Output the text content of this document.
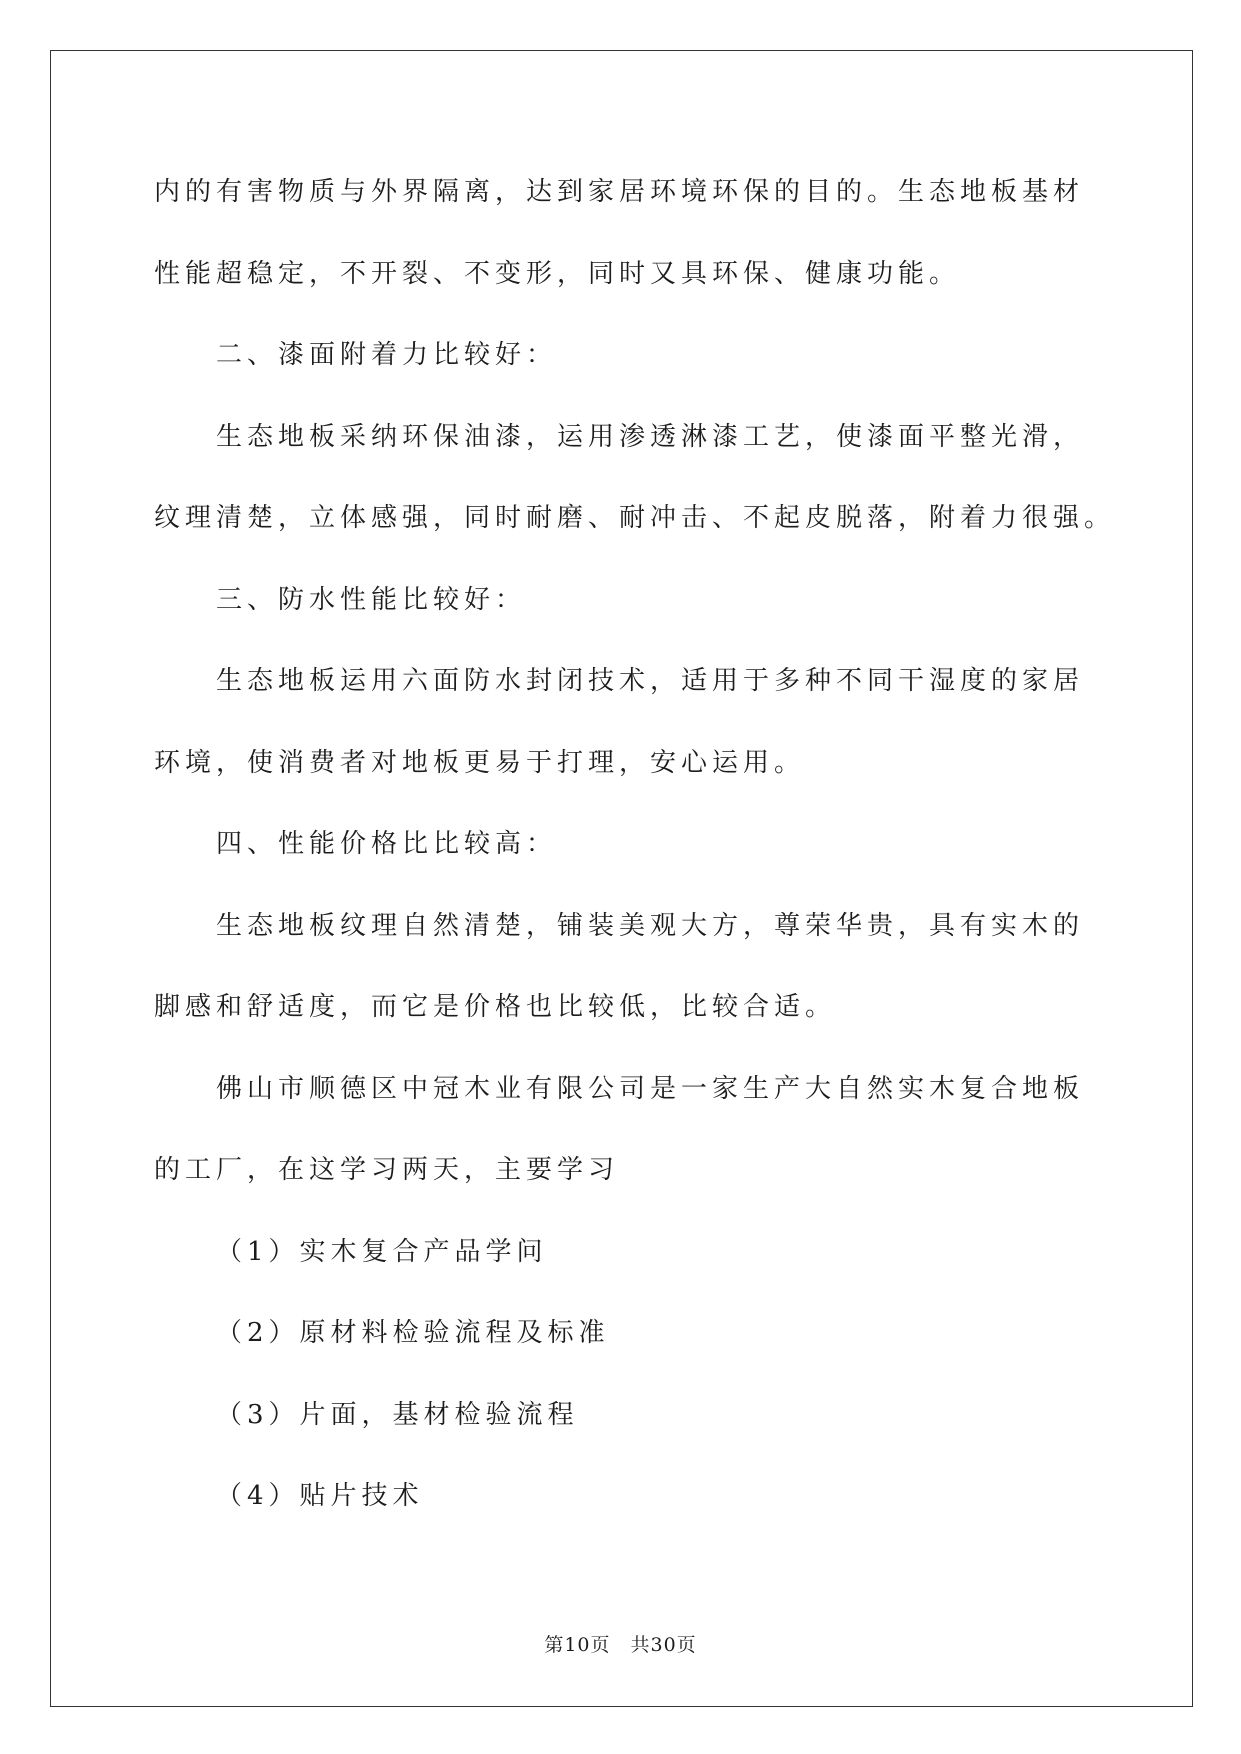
内的有害物质与外界隔离，达到家居环境环保的目的。生态地板基材
性能超稳定，不开裂、不变形，同时又具环保、健康功能。
二、漆面附着力比较好：
生态地板采纳环保油漆，运用渗透淋漆工艺，使漆面平整光滑，
纹理清楚，立体感强，同时耐磨、耐冲击、不起皮脱落，附着力很强。
三、防水性能比较好：
生态地板运用六面防水封闭技术，适用于多种不同干湿度的家居
环境，使消费者对地板更易于打理，安心运用。
四、性能价格比比较高：
生态地板纹理自然清楚，铺装美观大方，尊荣华贵，具有实木的
脚感和舒适度，而它是价格也比较低，比较合适。
佛山市顺德区中冠木业有限公司是一家生产大自然实木复合地板
的工厂，在这学习两天，主要学习
（1）实木复合产品学问
（2）原材料检验流程及标准
（3）片面，基材检验流程
（4）贴片技术
第10页　共30页
